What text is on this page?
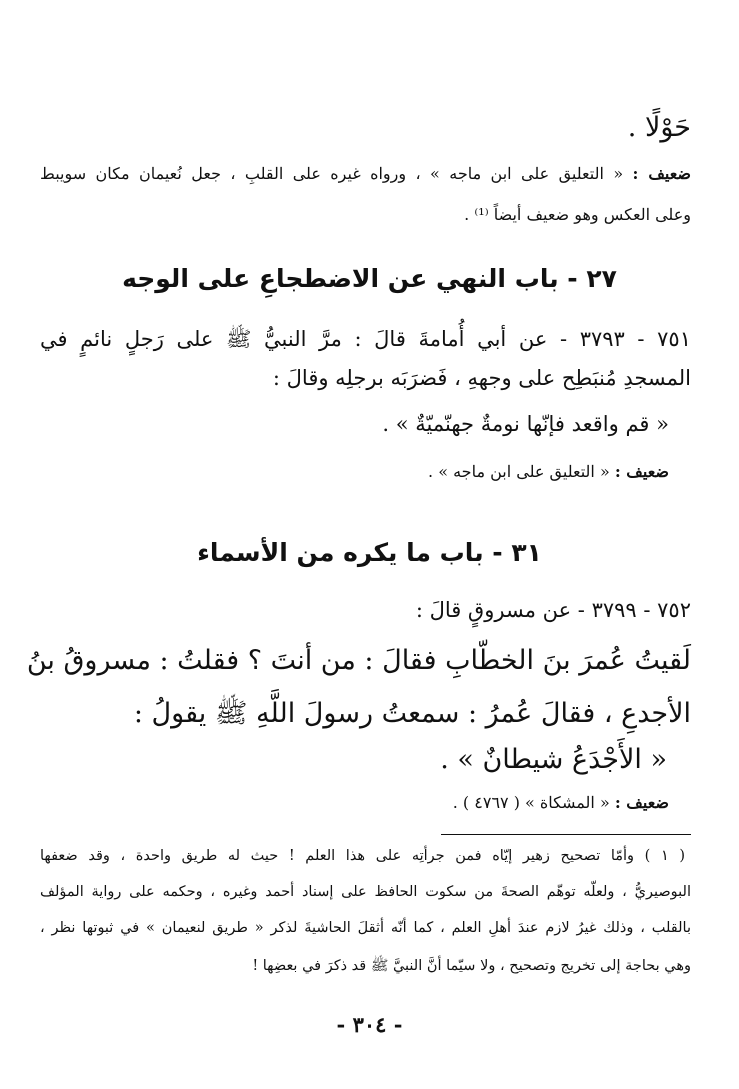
حَوْلًا .
ضعيف : « التعليق على ابن ماجه » ، ورواه غيره على القلبِ ، جعل نُعيمان مكان سويبط
وعلى العكس وهو ضعيف أيضاً ⁽¹⁾ .
٢٧ - باب النهي عن الاضطجاعِ على الوجه
٧٥١ - ٣٧٩٣ - عن أبي أُمامةَ قالَ : مرَّ النبيُّ ﷺ على رَجلٍ نائمٍ في
المسجدِ مُنبَطِح على وجههِ ، فَضرَبَه برجلِه وقالَ :
« قم واقعد فإنّها نومةٌ جهنّميّةٌ » .
ضعيف : « التعليق على ابن ماجه » .
٣١ - باب ما يكره من الأسماء
٧٥٢ - ٣٧٩٩ - عن مسروقٍ قالَ :
لَقيتُ عُمرَ بنَ الخطّابِ فقالَ : من أنتَ ؟ فقلتُ : مسروقُ بنُ
الأجدعِ ، فقالَ عُمرُ : سمعتُ رسولَ اللَّهِ ﷺ يقولُ :
« الأَجْدَعُ شيطانٌ » .
ضعيف : « المشكاة » ( ٤٧٦٧ ) .
( ١ ) وأمّا تصحيح زهير إيّاه فمن جرأتِه على هذا العلم ! حيث له طريق واحدة ، وقد ضعفها
البوصيريُّ ، ولعلّه توهّم الصحةَ من سكوت الحافظ على إسناد أحمد وغيره ، وحكمه على رواية المؤلف
بالقلب ، وذلك غيرُ لازم عندَ أهلِ العلم ، كما أنّه أثقلَ الحاشيةَ لذكر « طريق لنعيمان » في ثبوتها نظر ،
وهي بحاجة إلى تخريج وتصحيح ، ولا سيّما أنَّ النبيَّ ﷺ قد ذكرَ في بعضِها !
- ٣٠٤ -
